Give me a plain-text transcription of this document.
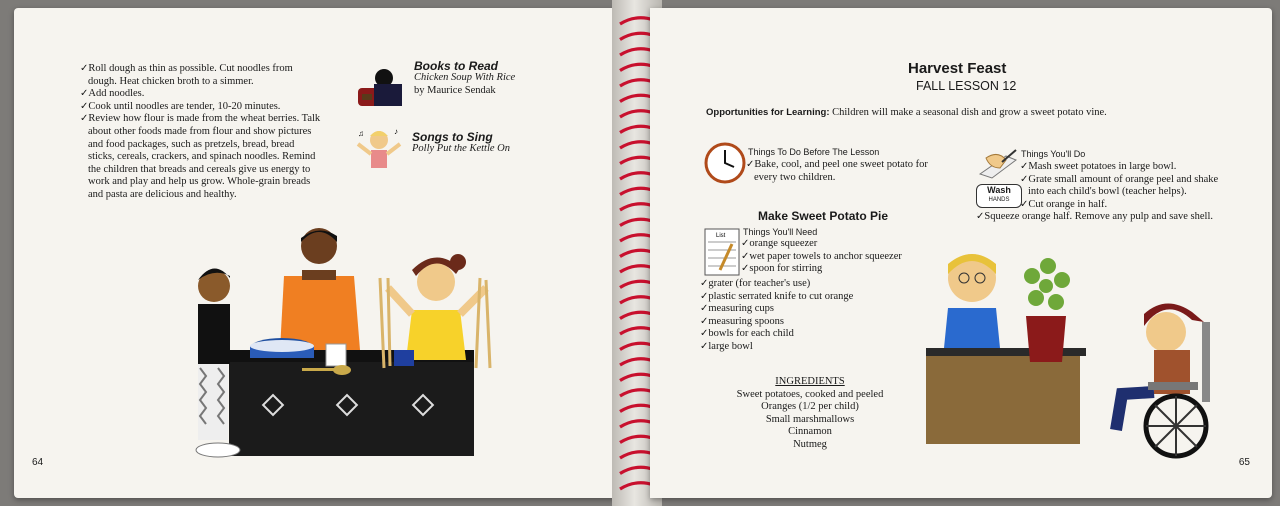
✓Roll dough as thin as possible. Cut noodles from
dough. Heat chicken broth to a simmer.
✓Add noodles.
✓Cook until noodles are tender, 10-20 minutes.
✓Review how flour is made from the wheat berries. Talk
about other foods made from flour and show pictures
and food packages, such as pretzels, bread, bread
sticks, cereals, crackers, and spinach noodles. Remind
the children that breads and cereals give us energy to
work and play and help us grow. Whole-grain breads
and pasta are delicious and healthy.
Books to Read
Chicken Soup With Rice
by Maurice Sendak
♪
♫	Songs to Sing
Polly Put the Kettle On
64
Harvest Feast
FALL LESSON 12
Opportunities for Learning: Children will make a seasonal dish and grow a sweet potato vine.
Things To Do Before The Lesson
✓Bake, cool, and peel one sweet potato for
every two children.
Make Sweet Potato Pie
List Things You'll Need
✓orange squeezer
✓wet paper towels to anchor squeezer
✓spoon for stirring
✓grater (for teacher's use)
✓plastic serrated knife to cut orange
✓measuring cups
✓measuring spoons
✓bowls for each child
✓large bowl
INGREDIENTS
Sweet potatoes, cooked and peeled
Oranges (1/2 per child)
Small marshmallows
Cinnamon
Nutmeg
Things You'll Do
Wash
HANDS
✓Mash sweet potatoes in large bowl.
✓Grate small amount of orange peel and shake
into each child's bowl (teacher helps).
✓Cut orange in half.
✓Squeeze orange half. Remove any pulp and save shell.
65
